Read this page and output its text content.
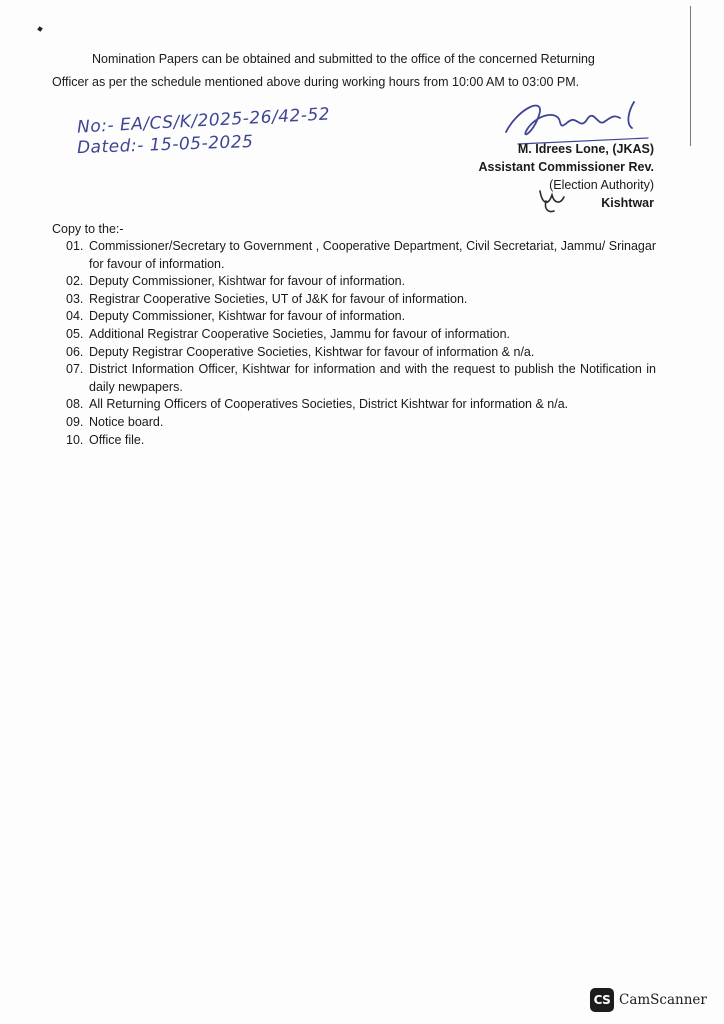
Nomination Papers can be obtained and submitted to the office of the concerned Returning
Officer as per the schedule mentioned above during working hours from 10:00 AM to 03:00 PM.
No:- EA/CS/K/2025-26/42-52
Dated:- 15-05-2025	M. Idrees Lone, (JKAS)
Assistant Commissioner Rev.
(Election Authority)
Kishtwar
Copy to the:-
01. Commissioner/Secretary to Government , Cooperative Department, Civil Secretariat, Jammu/ Srinagar for favour of information.
02. Deputy Commissioner, Kishtwar for favour of information.
03. Registrar Cooperative Societies, UT of J&K for favour of information.
04. Deputy Commissioner, Kishtwar for favour of information.
05. Additional Registrar Cooperative Societies, Jammu for favour of information.
06. Deputy Registrar Cooperative Societies, Kishtwar for favour of information & n/a.
07. District Information Officer, Kishtwar for information and with the request to publish the Notification in daily newpapers.
08. All Returning Officers of Cooperatives Societies, District Kishtwar for information & n/a.
09. Notice board.
10. Office file.
CS CamScanner
